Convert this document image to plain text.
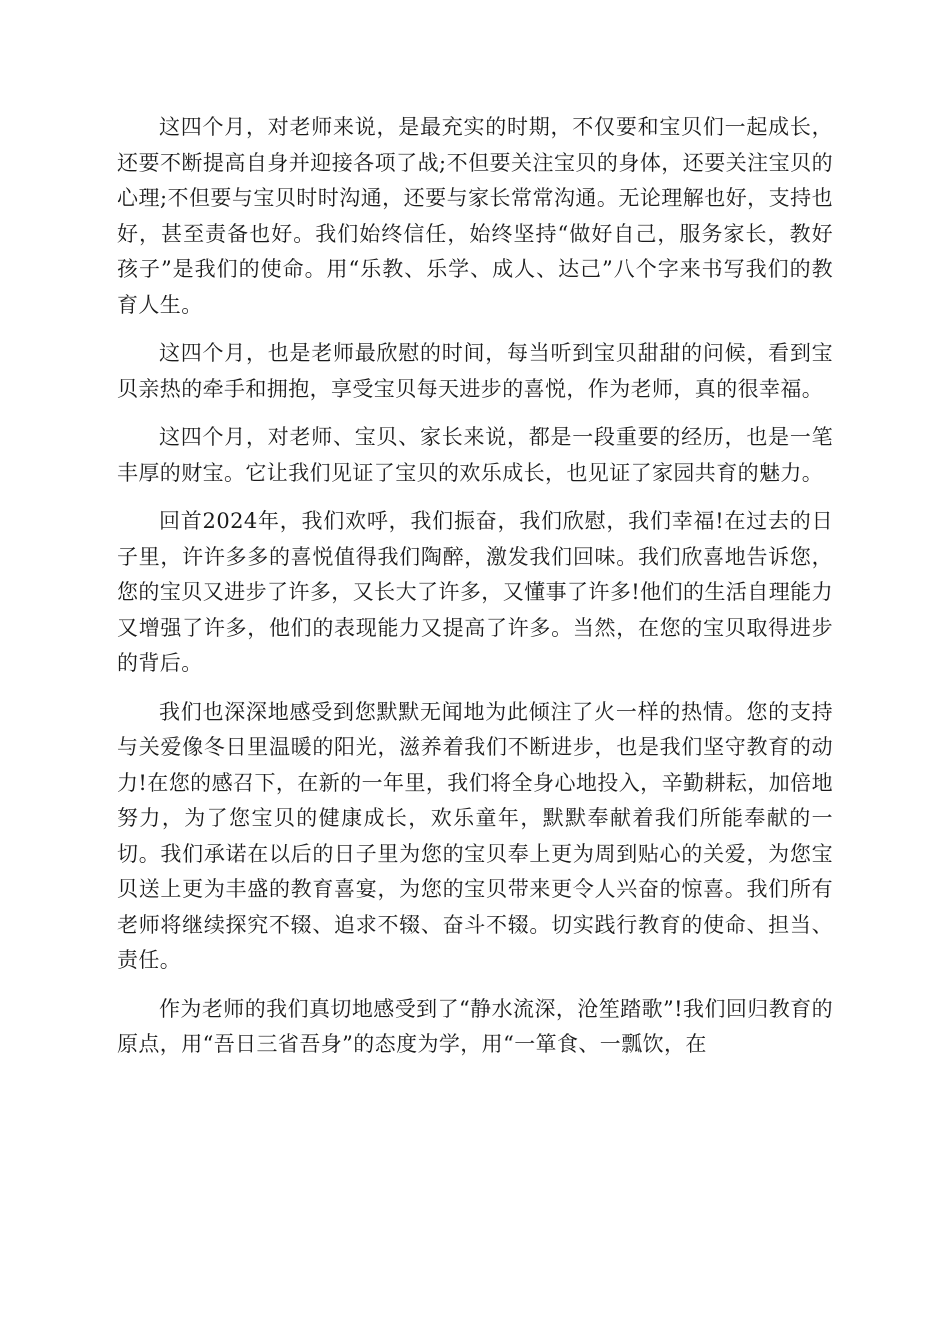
这四个月，对老师来说，是最充实的时期，不仅要和宝贝们一起成长，还要不断提高自身并迎接各项了战;不但要关注宝贝的身体，还要关注宝贝的心理;不但要与宝贝时时沟通，还要与家长常常沟通。无论理解也好，支持也好，甚至责备也好。我们始终信任，始终坚持“做好自己，服务家长，教好孩子”是我们的使命。用“乐教、乐学、成人、达己”八个字来书写我们的教育人生。

这四个月，也是老师最欣慰的时间，每当听到宝贝甜甜的问候，看到宝贝亲热的牵手和拥抱，享受宝贝每天进步的喜悦，作为老师，真的很幸福。

这四个月，对老师、宝贝、家长来说，都是一段重要的经历，也是一笔丰厚的财宝。它让我们见证了宝贝的欢乐成长，也见证了家园共育的魅力。

回首2024年，我们欢呼，我们振奋，我们欣慰，我们幸福!在过去的日子里，许许多多的喜悦值得我们陶醉，激发我们回味。我们欣喜地告诉您，您的宝贝又进步了许多，又长大了许多，又懂事了许多!他们的生活自理能力又增强了许多，他们的表现能力又提高了许多。当然，在您的宝贝取得进步的背后。

我们也深深地感受到您默默无闻地为此倾注了火一样的热情。您的支持与关爱像冬日里温暖的阳光，滋养着我们不断进步，也是我们坚守教育的动力!在您的感召下，在新的一年里，我们将全身心地投入，辛勤耕耘，加倍地努力，为了您宝贝的健康成长，欢乐童年，默默奉献着我们所能奉献的一切。我们承诺在以后的日子里为您的宝贝奉上更为周到贴心的关爱，为您宝贝送上更为丰盛的教育喜宴，为您的宝贝带来更令人兴奋的惊喜。我们所有老师将继续探究不辍、追求不辍、奋斗不辍。切实践行教育的使命、担当、责任。

作为老师的我们真切地感受到了“静水流深，沧笙踏歌”!我们回归教育的原点，用“吾日三省吾身”的态度为学，用“一箪食、一瓢饮，在
